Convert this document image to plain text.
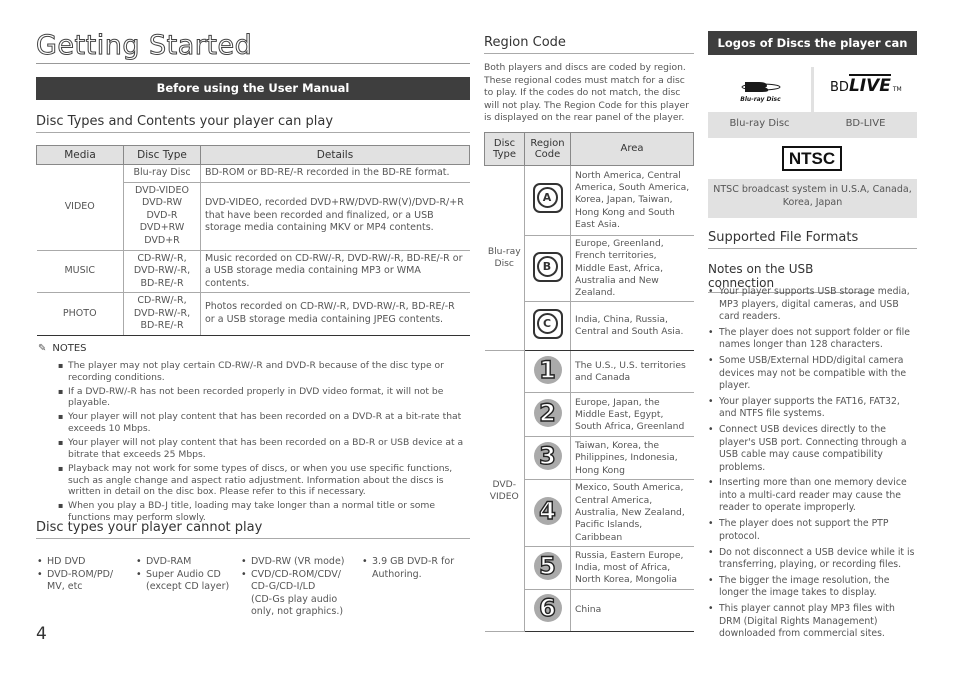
Getting Started
Before using the User Manual
Disc Types and Contents your player can play
Media	Disc Type	Details
VIDEO	Blu-ray Disc	BD-ROM or BD-RE/-R recorded in the BD-RE format.
	DVD-VIDEO
DVD-RW
DVD-R
DVD+RW
DVD+R	DVD-VIDEO, recorded DVD+RW/DVD-RW(V)/DVD-R/+R that have been recorded and finalized, or a USB storage media containing MKV or MP4 contents.
MUSIC	CD-RW/-R,
DVD-RW/-R,
BD-RE/-R	Music recorded on CD-RW/-R, DVD-RW/-R, BD-RE/-R or a USB storage media containing MP3 or WMA contents.
PHOTO	CD-RW/-R,
DVD-RW/-R,
BD-RE/-R	Photos recorded on CD-RW/-R, DVD-RW/-R, BD-RE/-R or a USB storage media containing JPEG contents.
✎ NOTES
▪ The player may not play certain CD-RW/-R and DVD-R because of the disc type or recording conditions.
▪ If a DVD-RW/-R has not been recorded properly in DVD video format, it will not be playable.
▪ Your player will not play content that has been recorded on a DVD-R at a bit-rate that exceeds 10 Mbps.
▪ Your player will not play content that has been recorded on a BD-R or USB device at a bitrate that exceeds 25 Mbps.
▪ Playback may not work for some types of discs, or when you use specific functions, such as angle change and aspect ratio adjustment. Information about the discs is written in detail on the disc box. Please refer to this if necessary.
▪ When you play a BD-J title, loading may take longer than a normal title or some functions may perform slowly.
Disc types your player cannot play
• HD DVD
• DVD-ROM/PD/
MV, etc
• DVD-RAM
• Super Audio CD
(except CD layer)
• DVD-RW (VR mode)
• CVD/CD-ROM/CDV/
CD-G/CD-I/LD
(CD-Gs play audio
only, not graphics.)
• 3.9 GB DVD-R for
Authoring.
4
Region Code
Both players and discs are coded by region. These regional codes must match for a disc to play. If the codes do not match, the disc will not play. The Region Code for this player is displayed on the rear panel of the player.
Disc
Type	Region
Code	Area
Blu-ray
Disc	A	North America, Central America, South America, Korea, Japan, Taiwan, Hong Kong and South East Asia.

	B	Europe, Greenland, French territories, Middle East, Africa, Australia and New Zealand.

	C	India, China, Russia, Central and South Asia.
DVD-
VIDEO	1	The U.S., U.S. territories and Canada

	2	Europe, Japan, the Middle East, Egypt, South Africa, Greenland

	3	Taiwan, Korea, the Philippines, Indonesia, Hong Kong

	4	Mexico, South America, Central America, Australia, New Zealand, Pacific Islands, Caribbean

	5	Russia, Eastern Europe, India, most of Africa, North Korea, Mongolia

	6	China
Logos of Discs the player can
Blu-ray Disc
BDLIVE TM
Blu-ray Disc	BD-LIVE
NTSC
NTSC broadcast system in U.S.A, Canada, Korea, Japan
Supported File Formats
Notes on the USB connection
• Your player supports USB storage media, MP3 players, digital cameras, and USB card readers.
• The player does not support folder or file names longer than 128 characters.
• Some USB/External HDD/digital camera devices may not be compatible with the player.
• Your player supports the FAT16, FAT32, and NTFS file systems.
• Connect USB devices directly to the player's USB port. Connecting through a USB cable may cause compatibility problems.
• Inserting more than one memory device into a multi-card reader may cause the reader to operate improperly.
• The player does not support the PTP protocol.
• Do not disconnect a USB device while it is transferring, playing, or recording files.
• The bigger the image resolution, the longer the image takes to display.
• This player cannot play MP3 files with DRM (Digital Rights Management) downloaded from commercial sites.
